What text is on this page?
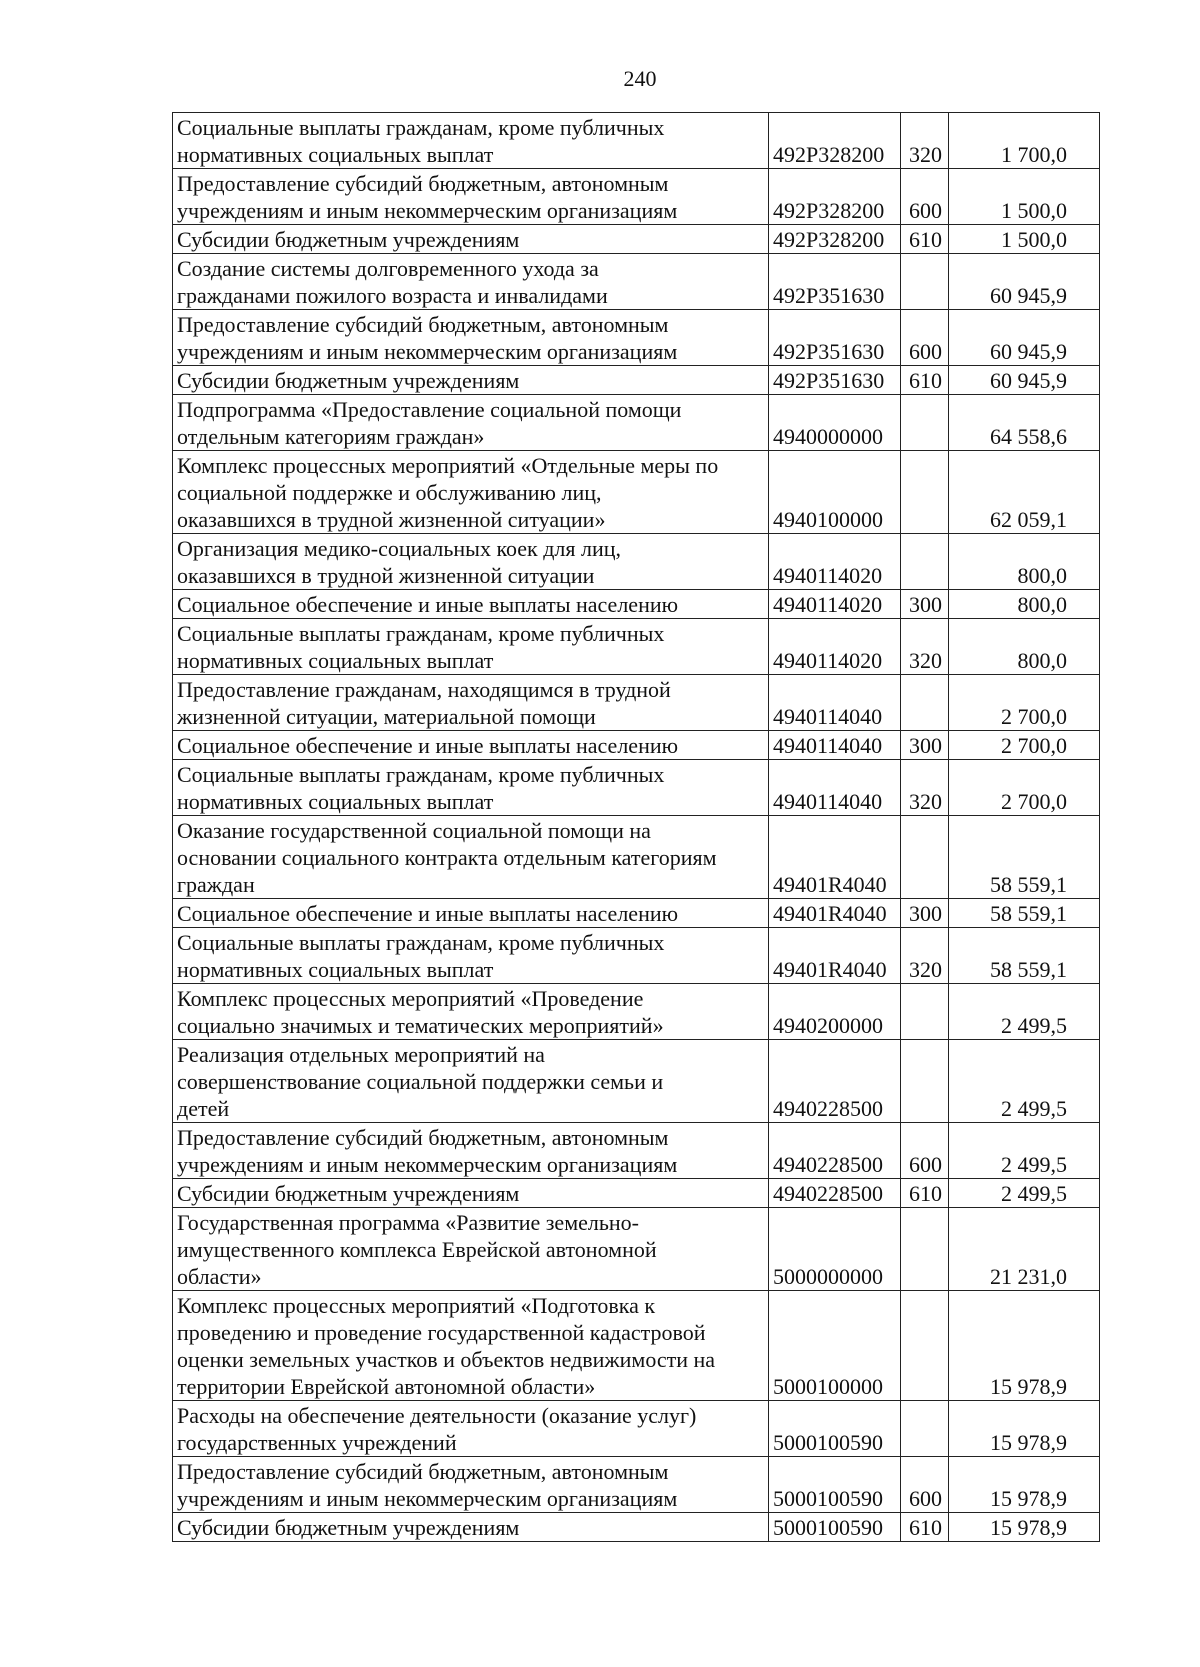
240
Социальные выплаты гражданам, кроме публичных
нормативных социальных выплат	492P328200	320	1 700,0
Предоставление субсидий бюджетным, автономным
учреждениям и иным некоммерческим организациям	492P328200	600	1 500,0
Субсидии бюджетным учреждениям	492P328200	610	1 500,0
Создание системы долговременного ухода за
гражданами пожилого возраста и инвалидами	492P351630		60 945,9
Предоставление субсидий бюджетным, автономным
учреждениям и иным некоммерческим организациям	492P351630	600	60 945,9
Субсидии бюджетным учреждениям	492P351630	610	60 945,9
Подпрограмма «Предоставление социальной помощи
отдельным категориям граждан»	4940000000		64 558,6
Комплекс процессных мероприятий «Отдельные меры по
социальной поддержке и обслуживанию лиц,
оказавшихся в трудной жизненной ситуации»	4940100000		62 059,1
Организация медико-социальных коек для лиц,
оказавшихся в трудной жизненной ситуации	4940114020		800,0
Социальное обеспечение и иные выплаты населению	4940114020	300	800,0
Социальные выплаты гражданам, кроме публичных
нормативных социальных выплат	4940114020	320	800,0
Предоставление гражданам, находящимся в трудной
жизненной ситуации, материальной помощи	4940114040		2 700,0
Социальное обеспечение и иные выплаты населению	4940114040	300	2 700,0
Социальные выплаты гражданам, кроме публичных
нормативных социальных выплат	4940114040	320	2 700,0
Оказание государственной социальной помощи на
основании социального контракта отдельным категориям
граждан	49401R4040		58 559,1
Социальное обеспечение и иные выплаты населению	49401R4040	300	58 559,1
Социальные выплаты гражданам, кроме публичных
нормативных социальных выплат	49401R4040	320	58 559,1
Комплекс процессных мероприятий «Проведение
социально значимых и тематических мероприятий»	4940200000		2 499,5
Реализация отдельных мероприятий на
совершенствование социальной поддержки семьи и
детей	4940228500		2 499,5
Предоставление субсидий бюджетным, автономным
учреждениям и иным некоммерческим организациям	4940228500	600	2 499,5
Субсидии бюджетным учреждениям	4940228500	610	2 499,5
Государственная программа «Развитие земельно-
имущественного комплекса Еврейской автономной
области»	5000000000		21 231,0
Комплекс процессных мероприятий «Подготовка к
проведению и проведение государственной кадастровой
оценки земельных участков и объектов недвижимости на
территории Еврейской автономной области»	5000100000		15 978,9
Расходы на обеспечение деятельности (оказание услуг)
государственных учреждений	5000100590		15 978,9
Предоставление субсидий бюджетным, автономным
учреждениям и иным некоммерческим организациям	5000100590	600	15 978,9
Субсидии бюджетным учреждениям	5000100590	610	15 978,9
